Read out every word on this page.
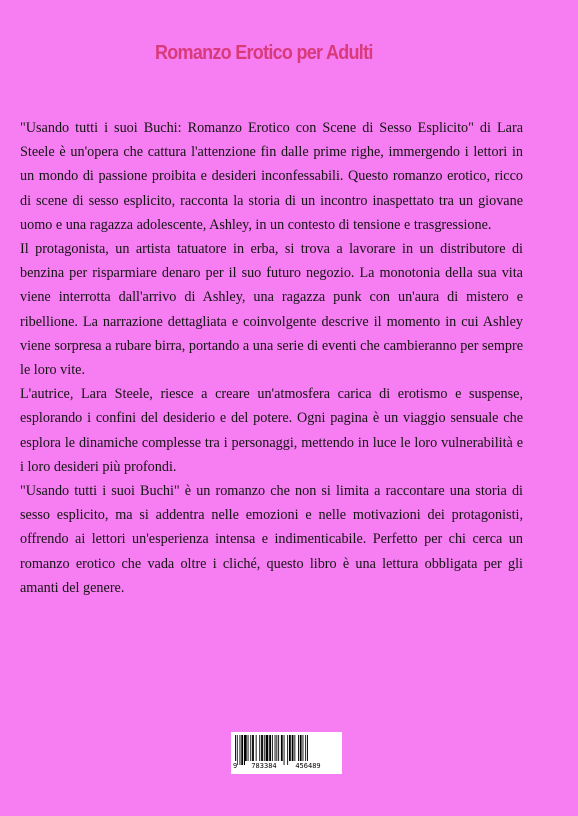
Romanzo Erotico per Adulti

"Usando tutti i suoi Buchi: Romanzo Erotico con Scene di Sesso Esplicito" di Lara Steele è un'opera che cattura l'attenzione fin dalle prime righe, immergendo i lettori in un mondo di passione proibita e desideri inconfessabili. Questo romanzo erotico, ricco di scene di sesso esplicito, racconta la storia di un incontro inaspettato tra un giovane uomo e una ragazza adolescente, Ashley, in un contesto di tensione e trasgressione.

Il protagonista, un artista tatuatore in erba, si trova a lavorare in un distributore di benzina per risparmiare denaro per il suo futuro negozio. La monotonia della sua vita viene interrotta dall'arrivo di Ashley, una ragazza punk con un'aura di mistero e ribellione. La narrazione dettagliata e coinvolgente descrive il momento in cui Ashley viene sorpresa a rubare birra, portando a una serie di eventi che cambieranno per sempre le loro vite.

L'autrice, Lara Steele, riesce a creare un'atmosfera carica di erotismo e suspense, esplorando i confini del desiderio e del potere. Ogni pagina è un viaggio sensuale che esplora le dinamiche complesse tra i personaggi, mettendo in luce le loro vulnerabilità e i loro desideri più profondi.

"Usando tutti i suoi Buchi" è un romanzo che non si limita a raccontare una storia di sesso esplicito, ma si addentra nelle emozioni e nelle motivazioni dei protagonisti, offrendo ai lettori un'esperienza intensa e indimenticabile. Perfetto per chi cerca un romanzo erotico che vada oltre i cliché, questo libro è una lettura obbligata per gli amanti del genere.

9	783384	456489
